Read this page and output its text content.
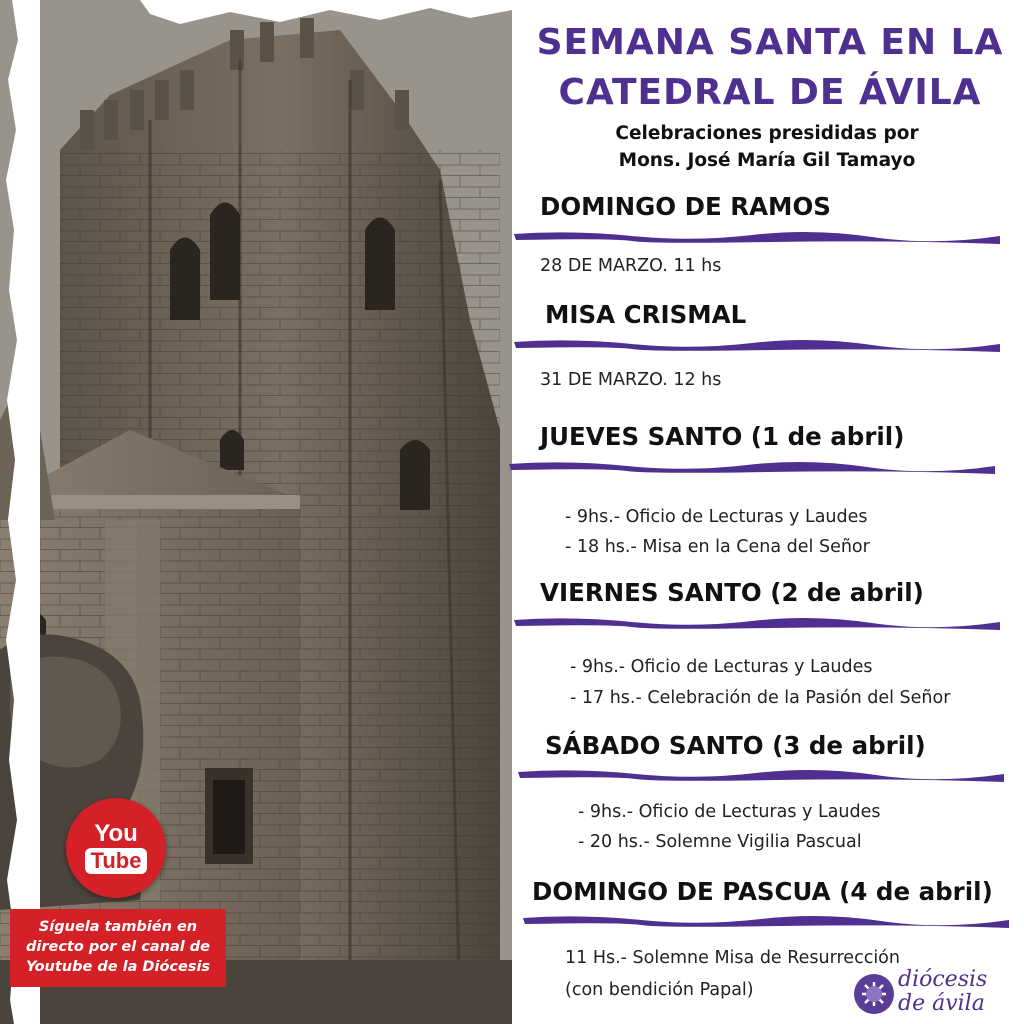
You
Tube
Síguela también en
directo por el canal de
Youtube de la Diócesis
SEMANA SANTA EN LA
CATEDRAL DE ÁVILA
Celebraciones presididas por
Mons. José María Gil Tamayo
DOMINGO DE RAMOS
28 DE MARZO. 11 hs
MISA CRISMAL
31 DE MARZO. 12 hs
JUEVES SANTO (1 de abril)
- 9hs.- Oficio de Lecturas y Laudes
- 18 hs.- Misa en la Cena del Señor
VIERNES SANTO (2 de abril)
- 9hs.- Oficio de Lecturas y Laudes
- 17 hs.- Celebración de la Pasión del Señor
SÁBADO SANTO (3 de abril)
- 9hs.- Oficio de Lecturas y Laudes
- 20 hs.- Solemne Vigilia Pascual
DOMINGO DE PASCUA (4 de abril)
11 Hs.- Solemne Misa de Resurrección
(con bendición Papal)	diócesis
de ávila
